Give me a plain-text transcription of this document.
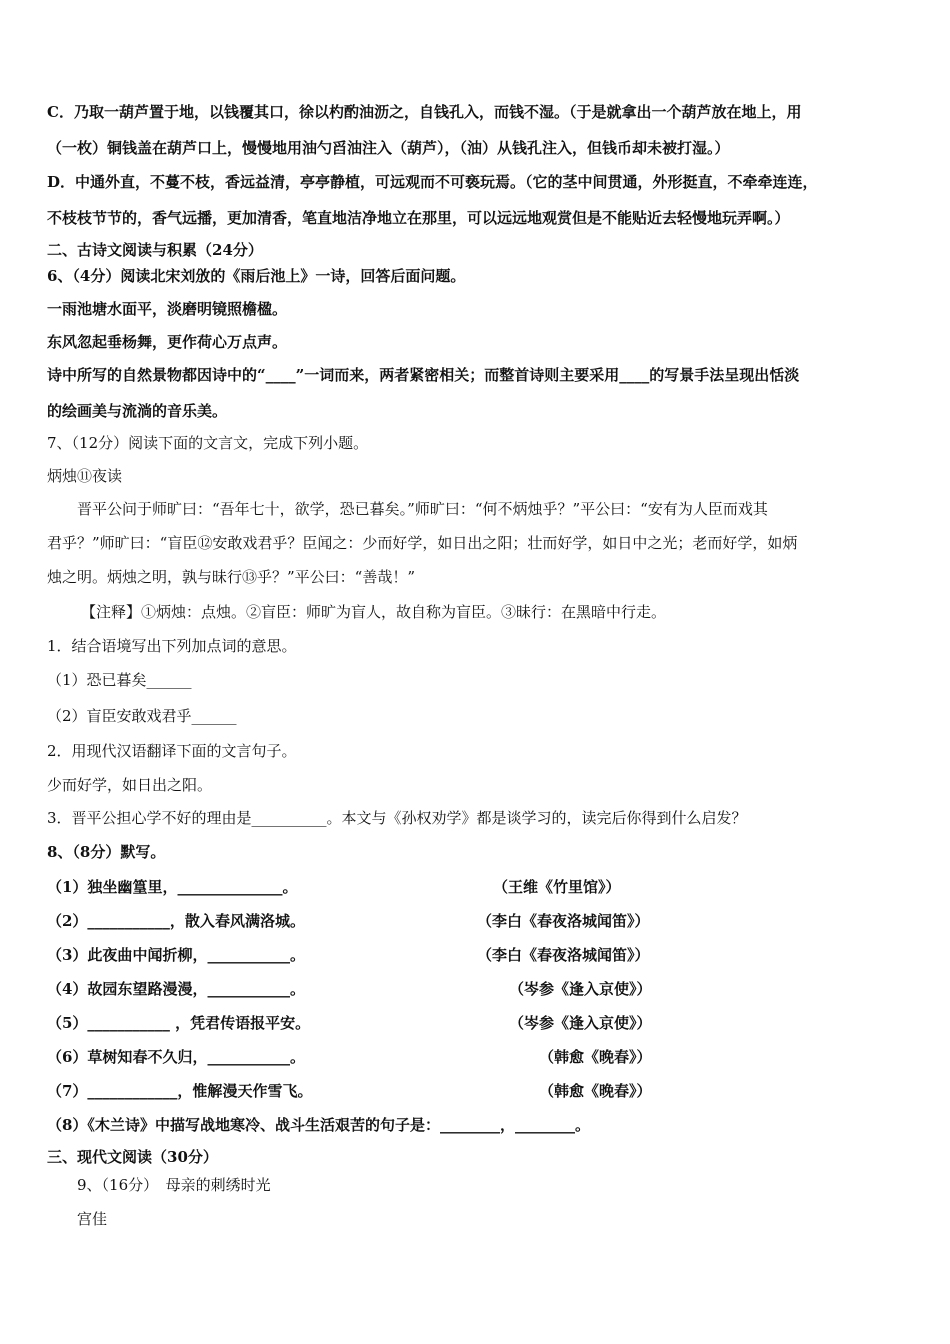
C．乃取一葫芦置于地，以钱覆其口，徐以杓酌油沥之，自钱孔入，而钱不湿。（于是就拿出一个葫芦放在地上，用

（一枚）铜钱盖在葫芦口上，慢慢地用油勺舀油注入（葫芦），（油）从钱孔注入，但钱币却未被打湿。）

D．中通外直，不蔓不枝，香远益清，亭亭静植，可远观而不可亵玩焉。（它的茎中间贯通，外形挺直，不牵牵连连，

不枝枝节节的，香气远播，更加清香，笔直地洁净地立在那里，可以远远地观赏但是不能贴近去轻慢地玩弄啊。）

二、古诗文阅读与积累（24分）

6、（4分）阅读北宋刘攽的《雨后池上》一诗，回答后面问题。

一雨池塘水面平，淡磨明镜照檐楹。

东风忽起垂杨舞，更作荷心万点声。

诗中所写的自然景物都因诗中的“____”一词而来，两者紧密相关；而整首诗则主要采用____的写景手法呈现出恬淡

的绘画美与流淌的音乐美。

7、（12分）阅读下面的文言文，完成下列小题。

炳烛⑪夜读

晋平公问于师旷曰：“吾年七十，欲学，恐已暮矣。”师旷曰：“何不炳烛乎？”平公曰：“安有为人臣而戏其

君乎？”师旷曰：“盲臣⑫安敢戏君乎？臣闻之：少而好学，如日出之阳；壮而好学，如日中之光；老而好学，如炳

烛之明。炳烛之明，孰与昧行⑬乎？”平公曰：“善哉！”

【注释】①炳烛：点烛。②盲臣：师旷为盲人，故自称为盲臣。③昧行：在黑暗中行走。

1．结合语境写出下列加点词的意思。

（1）恐已暮矣______

（2）盲臣安敢戏君乎______

2．用现代汉语翻译下面的文言句子。

少而好学，如日出之阳。

3．晋平公担心学不好的理由是__________。本文与《孙权劝学》都是谈学习的，读完后你得到什么启发？

8、（8分）默写。

（1）独坐幽篁里，______________。	（王维《竹里馆》）
（2）___________，散入春风满洛城。	（李白《春夜洛城闻笛》）
（3）此夜曲中闻折柳，___________。	（李白《春夜洛城闻笛》）
（4）故园东望路漫漫，___________。	（岑参《逢入京使》）
（5）___________ ，凭君传语报平安。	（岑参《逢入京使》）
（6）草树知春不久归，___________。	（韩愈《晚春》）
（7）____________，惟解漫天作雪飞。	（韩愈《晚春》）

（8）《木兰诗》中描写战地寒冷、战斗生活艰苦的句子是：________，________。

三、现代文阅读（30分）

9、（16分）　母亲的刺绣时光

宫佳
